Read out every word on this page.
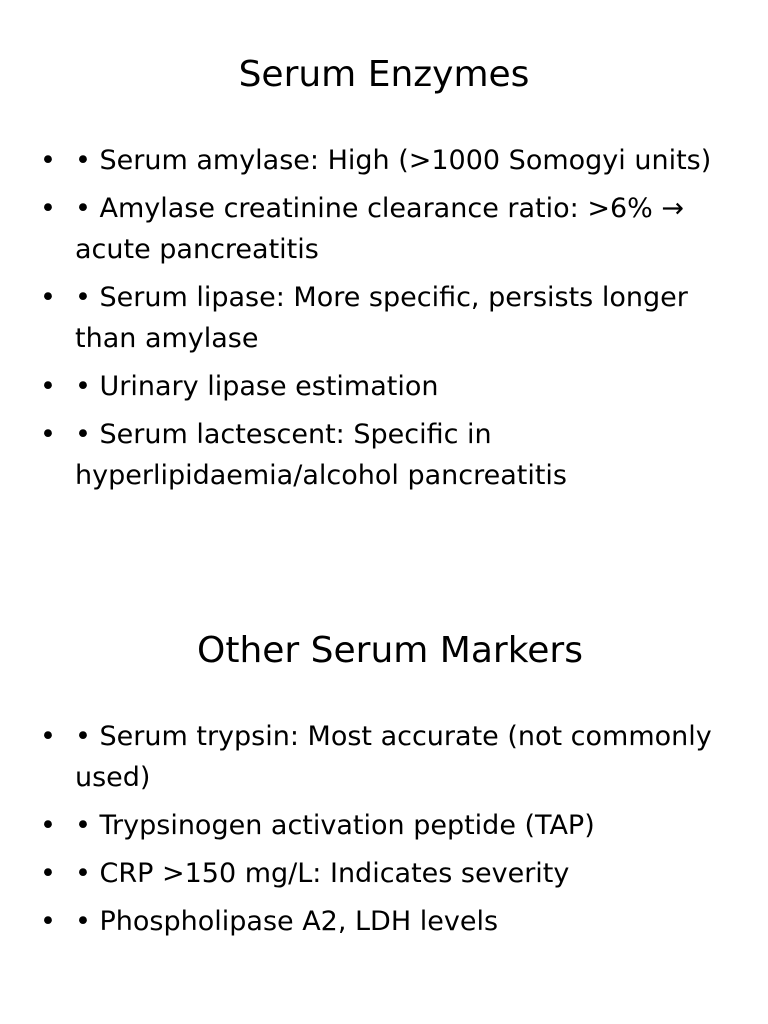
Serum Enzymes
• • Serum amylase: High (>1000 Somogyi units)
• • Amylase creatinine clearance ratio: >6% → acute pancreatitis
• • Serum lipase: More specific, persists longer than amylase
• • Urinary lipase estimation
• • Serum lactescent: Specific in hyperlipidaemia/alcohol pancreatitis
Other Serum Markers
• • Serum trypsin: Most accurate (not commonly used)
• • Trypsinogen activation peptide (TAP)
• • CRP >150 mg/L: Indicates severity
• • Phospholipase A2, LDH levels
